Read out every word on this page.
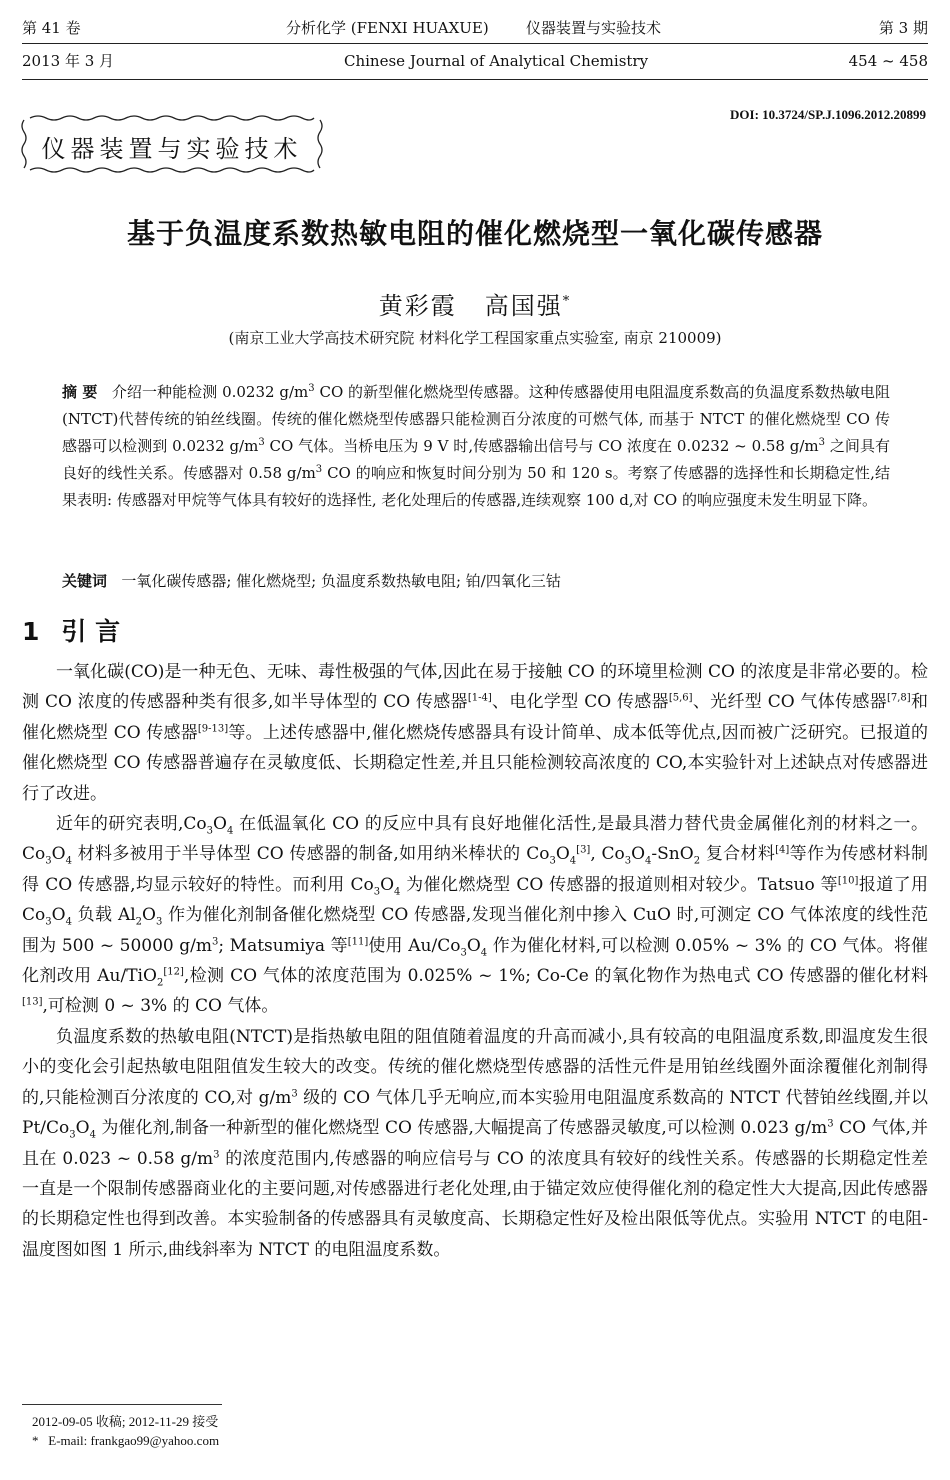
第 41 卷	分析化学 (FENXI HUAXUE) 仪器装置与实验技术	第 3 期
2013 年 3 月	Chinese Journal of Analytical Chemistry	454 ~ 458
DOI: 10.3724/SP.J.1096.2012.20899
仪器装置与实验技术
基于负温度系数热敏电阻的催化燃烧型一氧化碳传感器
黄彩霞 高国强*
(南京工业大学高技术研究院 材料化学工程国家重点实验室, 南京 210009)
摘 要 介绍一种能检测 0.0232 $g/m^3$ CO 的新型催化燃烧型传感器。这种传感器使用电阻温度系数高的负温度系数热敏电阻(NTCT)代替传统的铂丝线圈。传统的催化燃烧型传感器只能检测百分浓度的可燃气体, 而基于 NTCT 的催化燃烧型 CO 传感器可以检测到 0.0232 $g/m^3$ CO 气体。当桥电压为 9 V 时,传感器输出信号与 CO 浓度在 0.0232 ~ 0.58 $g/m^3$ 之间具有良好的线性关系。传感器对 0.58 $g/m^3$ CO 的响应和恢复时间分别为 50 和 120 s。考察了传感器的选择性和长期稳定性,结果表明: 传感器对甲烷等气体具有较好的选择性, 老化处理后的传感器,连续观察 100 d,对 CO 的响应强度未发生明显下降。
关键词 一氧化碳传感器; 催化燃烧型; 负温度系数热敏电阻; 铂/四氧化三钴
1 引 言

一氧化碳(CO)是一种无色、无味、毒性极强的气体,因此在易于接触 CO 的环境里检测 CO 的浓度是非常必要的。检测 CO 浓度的传感器种类有很多,如半导体型的 CO 传感器[1-4]、电化学型 CO 传感器[5,6]、光纤型 CO 气体传感器[7,8]和催化燃烧型 CO 传感器[9-13]等。上述传感器中,催化燃烧传感器具有设计简单、成本低等优点,因而被广泛研究。已报道的催化燃烧型 CO 传感器普遍存在灵敏度低、长期稳定性差,并且只能检测较高浓度的 CO,本实验针对上述缺点对传感器进行了改进。

近年的研究表明$,Co_3O_4$ 在低温氧化 CO 的反应中具有良好地催化活性,是最具潜力替代贵金属催化剂的材料之一。$Co_3O_4$ 材料多被用于半导体型 CO 传感器的制备,如用纳米棒状的 $Co_3O_4[3]$, $Co_3O_4-SnO_2$ 复合材料[4]等作为传感材料制得 CO 传感器,均显示较好的特性。而利用 $Co_3O_4$ 为催化燃烧型 CO 传感器的报道则相对较少。Tatsuo 等[10]报道了用 $Co_3O_4$ 负载 $Al_2O_3$ 作为催化剂制备催化燃烧型 CO 传感器,发现当催化剂中掺入 CuO 时,可测定 CO 气体浓度的线性范围为 500 ~ 50000 $g/m^3$; Matsumiya 等[11]使用 $Au/Co_3O_4$ 作为催化材料,可以检测 0.05% ~ 3% 的 CO 气体。将催化剂改用 Au/TiO$_2$[12],检测 CO 气体的浓度范围为 0.025% ~ 1%; Co-Ce 的氧化物作为热电式 CO 传感器的催化材料[13],可检测 0 ~ 3% 的 CO 气体。

负温度系数的热敏电阻(NTCT)是指热敏电阻的阻值随着温度的升高而减小,具有较高的电阻温度系数,即温度发生很小的变化会引起热敏电阻阻值发生较大的改变。传统的催化燃烧型传感器的活性元件是用铂丝线圈外面涂覆催化剂制得的,只能检测百分浓度的 CO,对 $g/m^3$ 级的 CO 气体几乎无响应,而本实验用电阻温度系数高的 NTCT 代替铂丝线圈,并以 $Pt/Co_3O_4$ 为催化剂,制备一种新型的催化燃烧型 CO 传感器,大幅提高了传感器灵敏度,可以检测 0.023 $g/m^3$ CO 气体,并且在 0.023 ~ 0.58 $g/m^3$ 的浓度范围内,传感器的响应信号与 CO 的浓度具有较好的线性关系。传感器的长期稳定性差一直是一个限制传感器商业化的主要问题,对传感器进行老化处理,由于锚定效应使得催化剂的稳定性大大提高,因此传感器的长期稳定性也得到改善。本实验制备的传感器具有灵敏度高、长期稳定性好及检出限低等优点。实验用 NTCT 的电阻-温度图如图 1 所示,曲线斜率为 NTCT 的电阻温度系数。

2012-09-05 收稿; 2012-11-29 接受
* E-mail: frankgao99@yahoo.com
